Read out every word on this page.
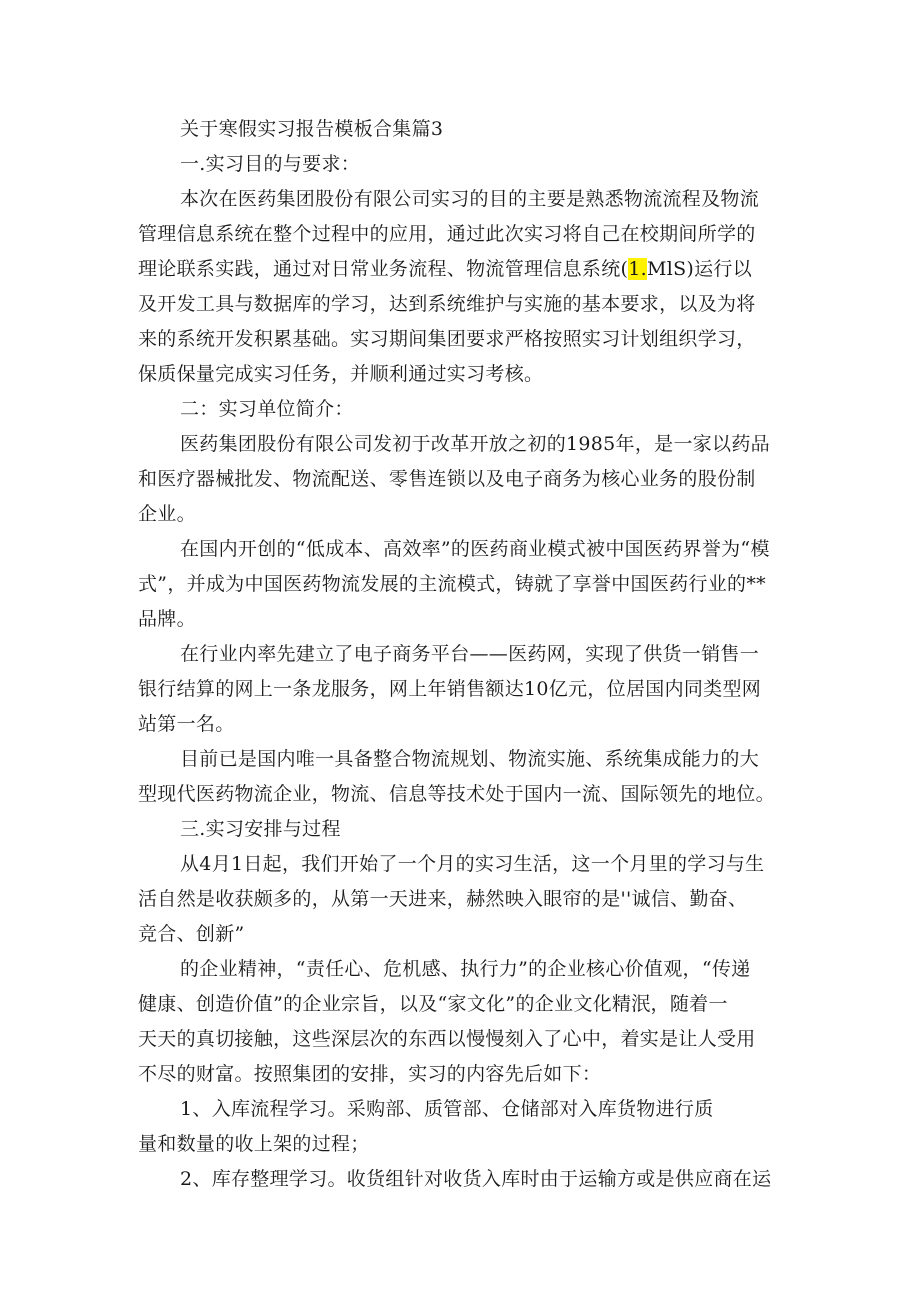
关于寒假实习报告模板合集篇3
一.实习目的与要求：
本次在医药集团股份有限公司实习的目的主要是熟悉物流流程及物流
管理信息系统在整个过程中的应用，通过此次实习将自己在校期间所学的
理论联系实践，通过对日常业务流程、物流管理信息系统(1.MlS)运行以
及开发工具与数据库的学习，达到系统维护与实施的基本要求，以及为将
来的系统开发积累基础。实习期间集团要求严格按照实习计划组织学习，
保质保量完成实习任务，并顺利通过实习考核。
二：实习单位简介：
医药集团股份有限公司发初于改革开放之初的1985年，是一家以药品
和医疗器械批发、物流配送、零售连锁以及电子商务为核心业务的股份制
企业。
在国内开创的“低成本、高效率”的医药商业模式被中国医药界誉为“模
式”，并成为中国医药物流发展的主流模式，铸就了享誉中国医药行业的**
品牌。
在行业内率先建立了电子商务平台——医药网，实现了供货一销售一
银行结算的网上一条龙服务，网上年销售额达10亿元，位居国内同类型网
站第一名。
目前已是国内唯一具备整合物流规划、物流实施、系统集成能力的大
型现代医药物流企业，物流、信息等技术处于国内一流、国际领先的地位。
三.实习安排与过程
从4月1日起，我们开始了一个月的实习生活，这一个月里的学习与生
活自然是收获颇多的，从第一天进来，赫然映入眼帘的是''诚信、勤奋、
竞合、创新”
的企业精神，“责任心、危机感、执行力”的企业核心价值观，“传递
健康、创造价值”的企业宗旨，以及“家文化”的企业文化精泯，随着一
天天的真切接触，这些深层次的东西以慢慢刻入了心中，着实是让人受用
不尽的财富。按照集团的安排，实习的内容先后如下：
1、入库流程学习。采购部、质管部、仓储部对入库货物进行质
量和数量的收上架的过程；
2、库存整理学习。收货组针对收货入库时由于运输方或是供应商在运
